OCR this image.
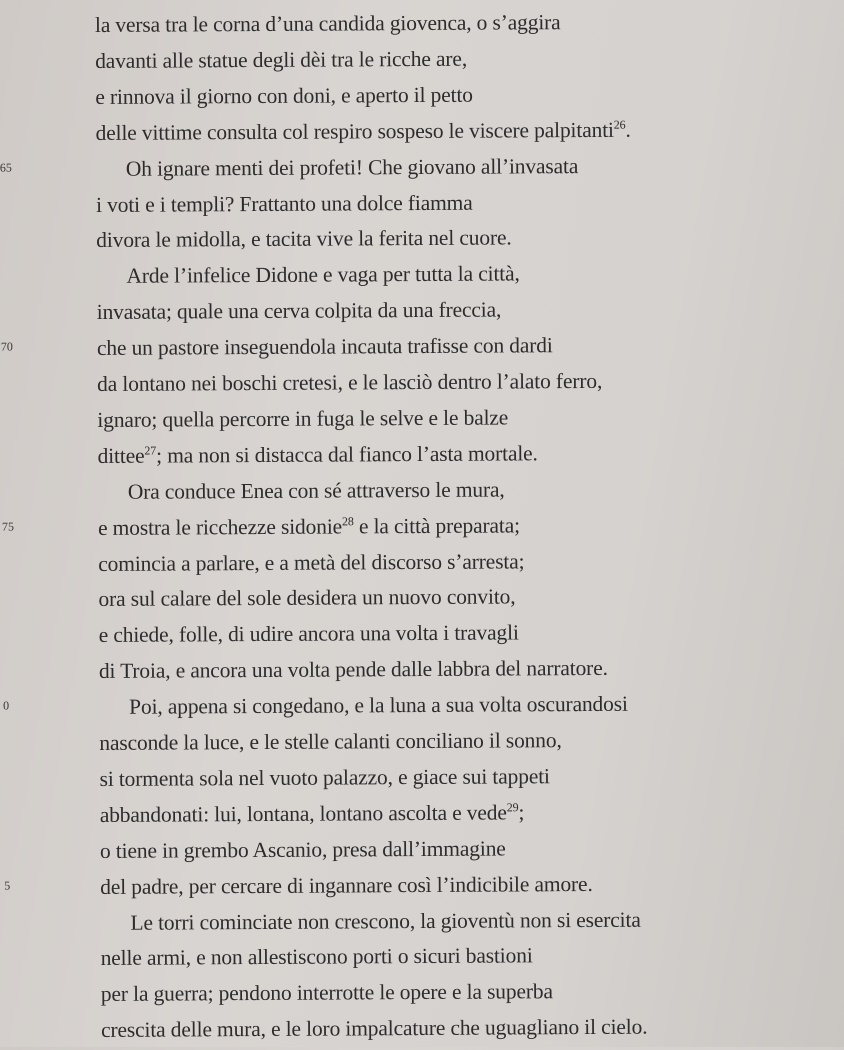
la versa tra le corna d’una candida giovenca, o s’aggira
davanti alle statue degli dèi tra le ricche are,
e rinnova il giorno con doni, e aperto il petto
delle vittime consulta col respiro sospeso le viscere palpitanti$^{26}$.
65	Oh ignare menti dei profeti! Che giovano all’invasata
i voti e i templi? Frattanto una dolce fiamma
divora le midolla, e tacita vive la ferita nel cuore.
Arde l’infelice Didone e vaga per tutta la città,
invasata; quale una cerva colpita da una freccia,
70	che un pastore inseguendola incauta trafisse con dardi
da lontano nei boschi cretesi, e le lasciò dentro l’alato ferro,
ignaro; quella percorre in fuga le selve e le balze
dittee$^{27}$; ma non si distacca dal fianco l’asta mortale.
Ora conduce Enea con sé attraverso le mura,
75	e mostra le ricchezze sidonie$^{28}$ e la città preparata;
comincia a parlare, e a metà del discorso s’arresta;
ora sul calare del sole desidera un nuovo convito,
e chiede, folle, di udire ancora una volta i travagli
di Troia, e ancora una volta pende dalle labbra del narratore.
0	Poi, appena si congedano, e la luna a sua volta oscurandosi
nasconde la luce, e le stelle calanti conciliano il sonno,
si tormenta sola nel vuoto palazzo, e giace sui tappeti
abbandonati: lui, lontana, lontano ascolta e vede$^{29}$;
o tiene in grembo Ascanio, presa dall’immagine
5	del padre, per cercare di ingannare così l’indicibile amore.
Le torri cominciate non crescono, la gioventù non si esercita
nelle armi, e non allestiscono porti o sicuri bastioni
per la guerra; pendono interrotte le opere e la superba
crescita delle mura, e le loro impalcature che uguagliano il cielo.
